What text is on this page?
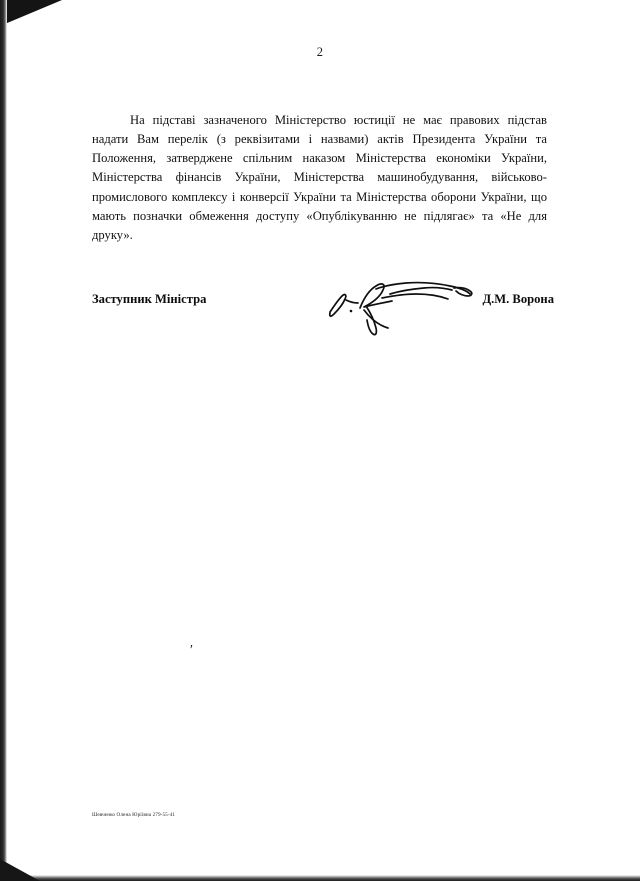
2

На підставі зазначеного Міністерство юстиції не має правових підстав надати Вам перелік (з реквізитами і назвами) актів Президента України та Положення, затверджене спільним наказом Міністерства економіки України, Міністерства фінансів України, Міністерства машинобудування, військово-промислового комплексу і конверсії України та Міністерства оборони України, що мають позначки обмеження доступу «Опублікуванню не підлягає» та «Не для друку».

Заступник Міністра	Д.М. Ворона
′
Шевченко Олена Юріївна 279-55-41
